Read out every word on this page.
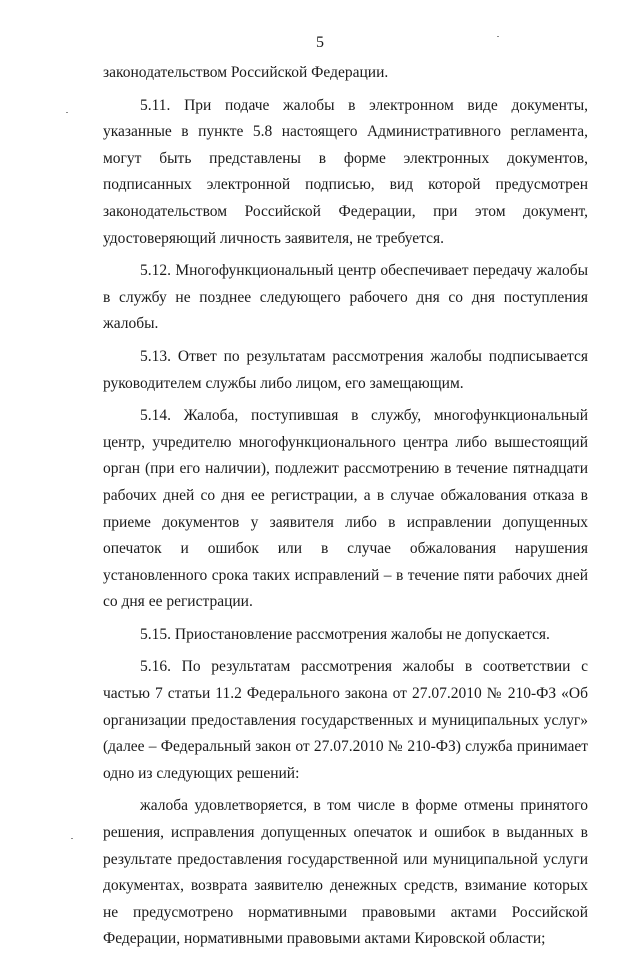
5

законодательством Российской Федерации.

5.11. При подаче жалобы в электронном виде документы, указанные в пункте 5.8 настоящего Административного регламента, могут быть представлены в форме электронных документов, подписанных электронной подписью, вид которой предусмотрен законодательством Российской Федерации, при этом документ, удостоверяющий личность заявителя, не требуется.

5.12. Многофункциональный центр обеспечивает передачу жалобы в службу не позднее следующего рабочего дня со дня поступления жалобы.

5.13. Ответ по результатам рассмотрения жалобы подписывается руководителем службы либо лицом, его замещающим.

5.14. Жалоба, поступившая в службу, многофункциональный центр, учредителю многофункционального центра либо вышестоящий орган (при его наличии), подлежит рассмотрению в течение пятнадцати рабочих дней со дня ее регистрации, а в случае обжалования отказа в приеме документов у заявителя либо в исправлении допущенных опечаток и ошибок или в случае обжалования нарушения установленного срока таких исправлений – в течение пяти рабочих дней со дня ее регистрации.

5.15. Приостановление рассмотрения жалобы не допускается.

5.16. По результатам рассмотрения жалобы в соответствии с частью 7 статьи 11.2 Федерального закона от 27.07.2010 № 210-ФЗ «Об организации предоставления государственных и муниципальных услуг» (далее – Федеральный закон от 27.07.2010 № 210-ФЗ) служба принимает одно из следующих решений:

жалоба удовлетворяется, в том числе в форме отмены принятого решения, исправления допущенных опечаток и ошибок в выданных в результате предоставления государственной или муниципальной услуги документах, возврата заявителю денежных средств, взимание которых не предусмотрено нормативными правовыми актами Российской Федерации, нормативными правовыми актами Кировской области;
